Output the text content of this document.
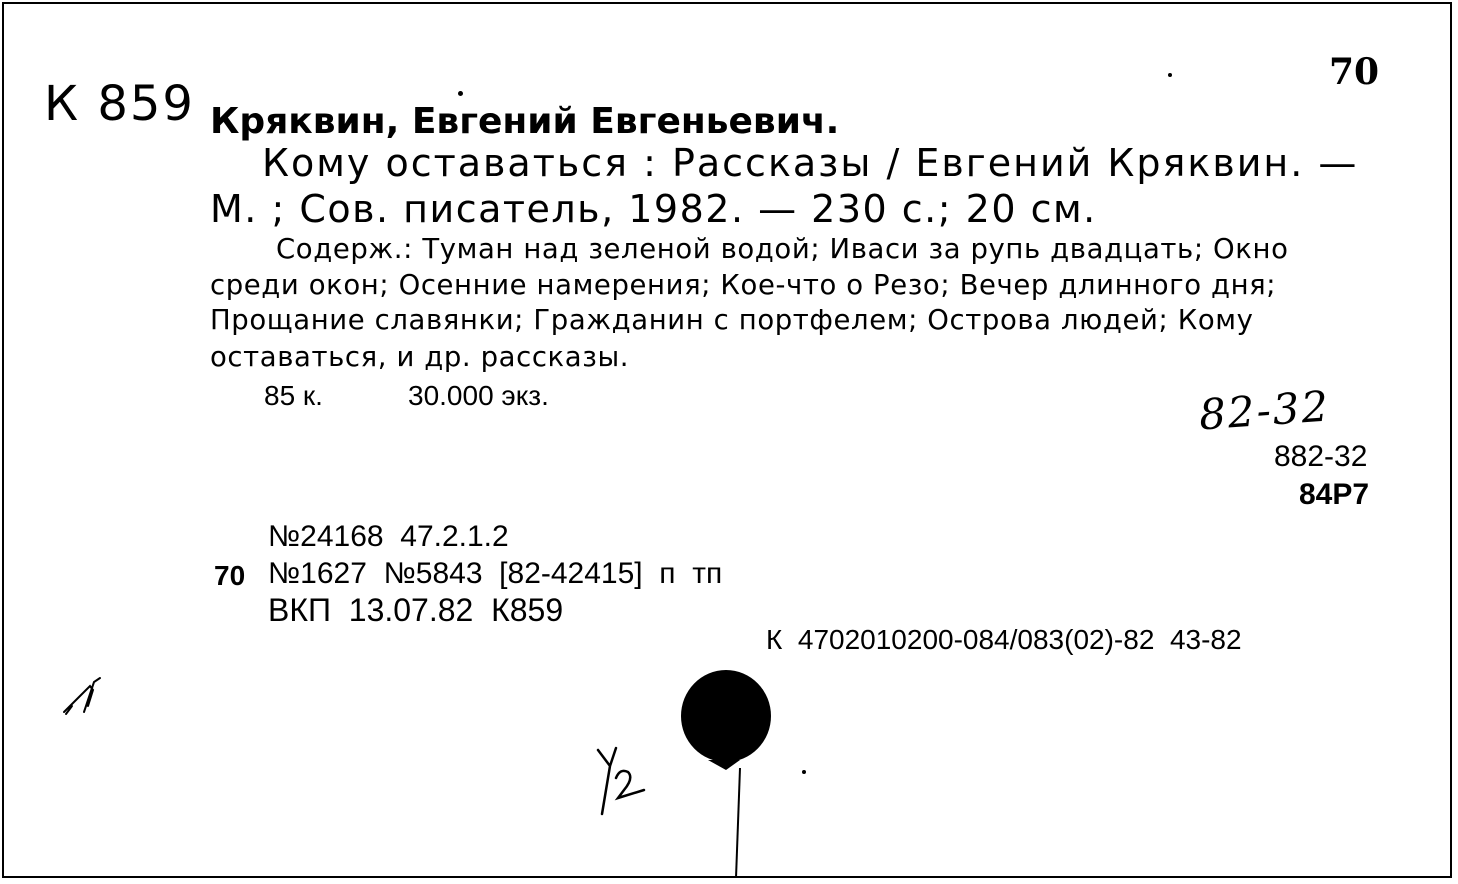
70
К 859 Кряквин, Евгений Евгеньевич.
Кому оставаться : Рассказы / Евгений Кряквин. —
М. ; Сов. писатель, 1982. — 230 с.; 20 см.
Содерж.: Туман над зеленой водой; Иваси за рупь двадцать; Окно
среди окон; Осенние намерения; Кое-что о Резо; Вечер длинного дня;
Прощание славянки; Гражданин с портфелем; Острова людей; Кому
оставаться, и др. рассказы.
85 к.	30.000 экз.	82-32
882-32
84Р7
№24168  47.2.1.2
70 №1627  №5843  [82-42415]  п  тп
ВКП  13.07.82  К859
К  4702010200-084/083(02)-82  43-82
